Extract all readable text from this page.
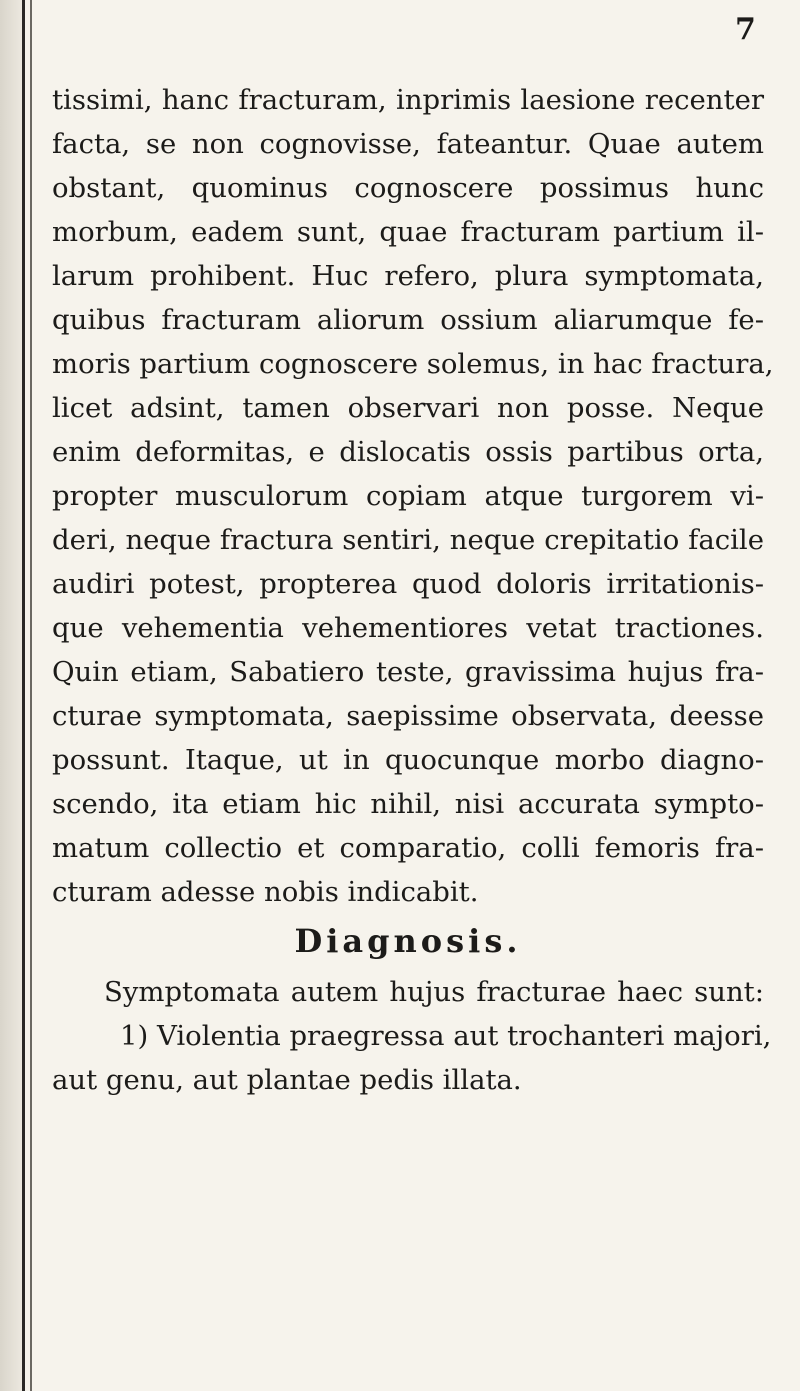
7
tissimi, hanc fracturam, inprimis laesione recenter
facta, se non cognovisse, fateantur. Quae autem
obstant, quominus cognoscere possimus hunc
morbum, eadem sunt, quae fracturam partium il-
larum prohibent. Huc refero, plura symptomata,
quibus fracturam aliorum ossium aliarumque fe-
moris partium cognoscere solemus, in hac fractura,
licet adsint, tamen observari non posse. Neque
enim deformitas, e dislocatis ossis partibus orta,
propter musculorum copiam atque turgorem vi-
deri, neque fractura sentiri, neque crepitatio facile
audiri potest, propterea quod doloris irritationis-
que vehementia vehementiores vetat tractiones.
Quin etiam, Sabatiero teste, gravissima hujus fra-
cturae symptomata, saepissime observata, deesse
possunt. Itaque, ut in quocunque morbo diagno-
scendo, ita etiam hic nihil, nisi accurata sympto-
matum collectio et comparatio, colli femoris fra-
cturam adesse nobis indicabit.
Diagnosis.
Symptomata autem hujus fracturae haec sunt:
1) Violentia praegressa aut trochanteri majori,
aut genu, aut plantae pedis illata.
